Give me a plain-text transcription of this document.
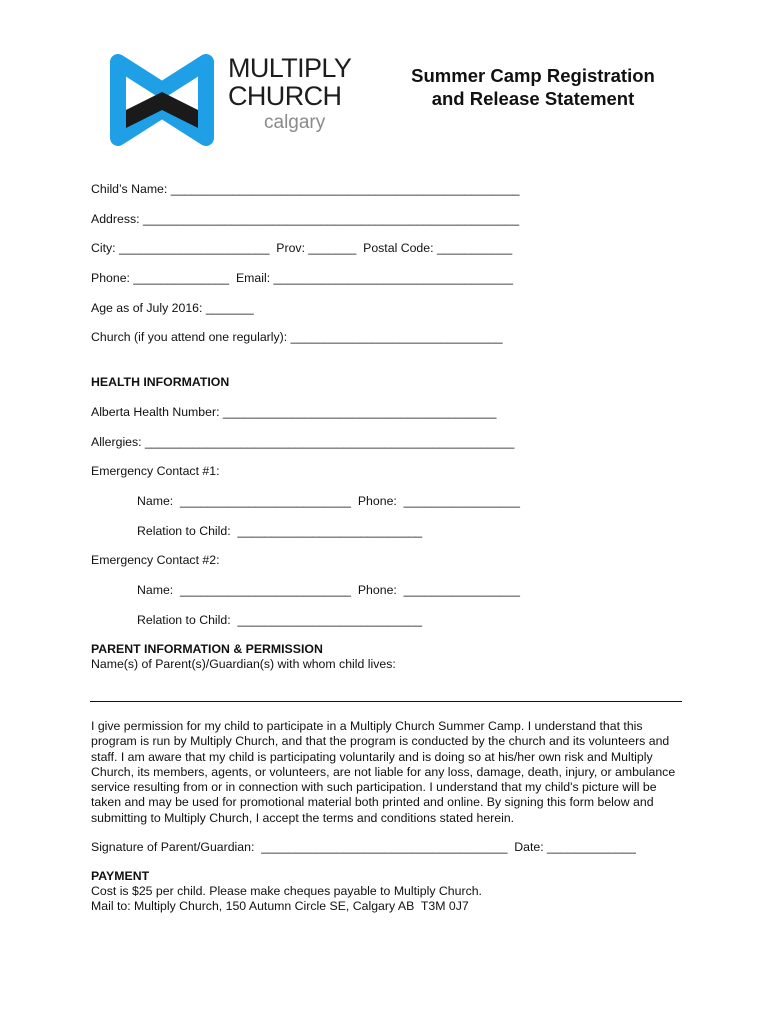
MULTIPLY
CHURCH
calgary
Summer Camp Registration
and Release Statement
Child’s Name: ___________________________________________________
Address: _______________________________________________________
City: ______________________  Prov: _______  Postal Code: ___________
Phone: ______________  Email: ___________________________________
Age as of July 2016: _______
Church (if you attend one regularly): _______________________________
HEALTH INFORMATION
Alberta Health Number: ________________________________________
Allergies: ______________________________________________________
Emergency Contact #1:
Name:  _________________________  Phone:  _________________
Relation to Child:  ___________________________
Emergency Contact #2:
Name:  _________________________  Phone:  _________________
Relation to Child:  ___________________________
PARENT INFORMATION & PERMISSION
Name(s) of Parent(s)/Guardian(s) with whom child lives:
I give permission for my child to participate in a Multiply Church Summer Camp. I understand that this program is run by Multiply Church, and that the program is conducted by the church and its volunteers and staff. I am aware that my child is participating voluntarily and is doing so at his/her own risk and Multiply Church, its members, agents, or volunteers, are not liable for any loss, damage, death, injury, or ambulance service resulting from or in connection with such participation. I understand that my child's picture will be taken and may be used for promotional material both printed and online. By signing this form below and submitting to Multiply Church, I accept the terms and conditions stated herein.
Signature of Parent/Guardian:  ____________________________________  Date: _____________
PAYMENT
Cost is $25 per child. Please make cheques payable to Multiply Church.
Mail to: Multiply Church, 150 Autumn Circle SE, Calgary AB  T3M 0J7
